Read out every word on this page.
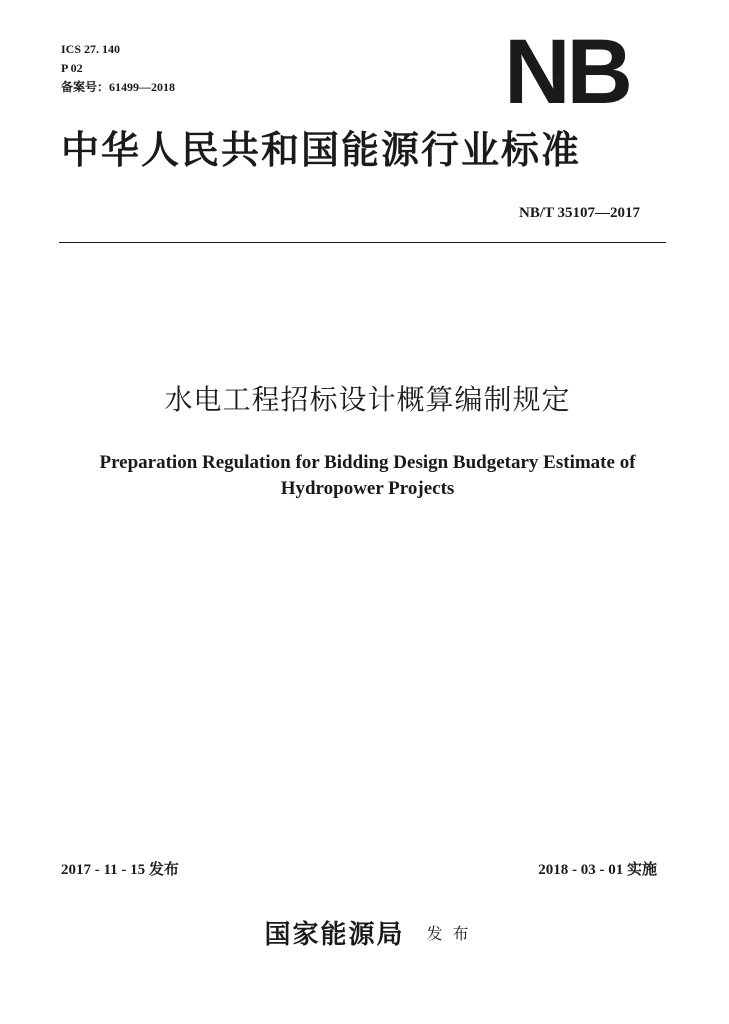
ICS 27. 140
P 02
备案号：61499—2018	NB
中华人民共和国能源行业标准
NB/T 35107—2017
水电工程招标设计概算编制规定
Preparation Regulation for Bidding Design Budgetary Estimate of
Hydropower Projects
2017 - 11 - 15 发布	2018 - 03 - 01 实施
国家能源局 发布
